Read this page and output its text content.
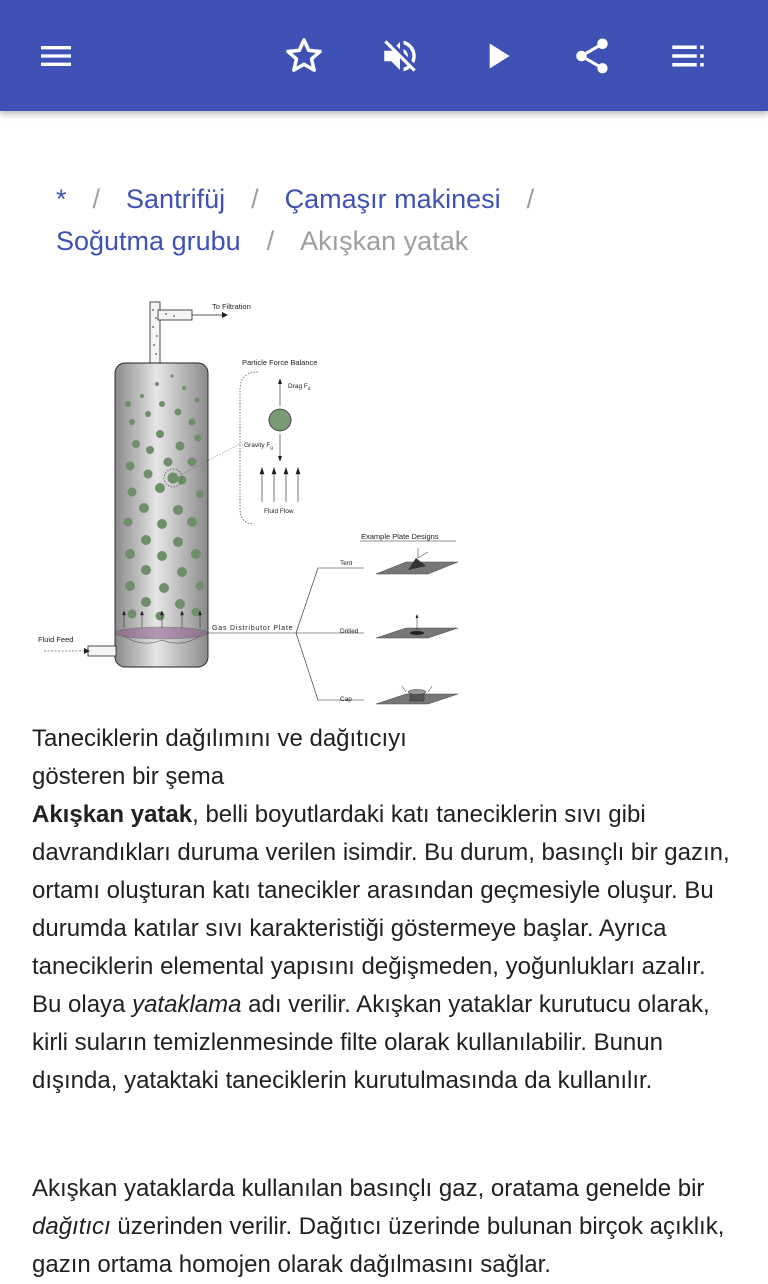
* / Santrifüj / Çamaşır makinesi /
Soğutma grubu / Akışkan yatak
To Filtration
Fluid Feed
Particle Force Balance
Drag $F_d$
Gravity $F_g$
Fluid Flow
Gas Distributor Plate
Example Plate Designs
Tent
Drilled
Cap
Taneciklerin dağılımını ve dağıtıcıyı gösteren bir şema

Akışkan yatak, belli boyutlardaki katı taneciklerin sıvı gibi davrandıkları duruma verilen isimdir. Bu durum, basınçlı bir gazın, ortamı oluşturan katı tanecikler arasından geçmesiyle oluşur. Bu durumda katılar sıvı karakteristiği göstermeye başlar. Ayrıca taneciklerin elemental yapısını değişmeden, yoğunlukları azalır. Bu olaya yataklama adı verilir. Akışkan yataklar kurutucu olarak, kirli suların temizlenmesinde filte olarak kullanılabilir. Bunun dışında, yataktaki taneciklerin kurutulmasında da kullanılır.

Akışkan yataklarda kullanılan basınçlı gaz, oratama genelde bir dağıtıcı üzerinden verilir. Dağıtıcı üzerinde bulunan birçok açıklık, gazın ortama homojen olarak dağılmasını sağlar.
